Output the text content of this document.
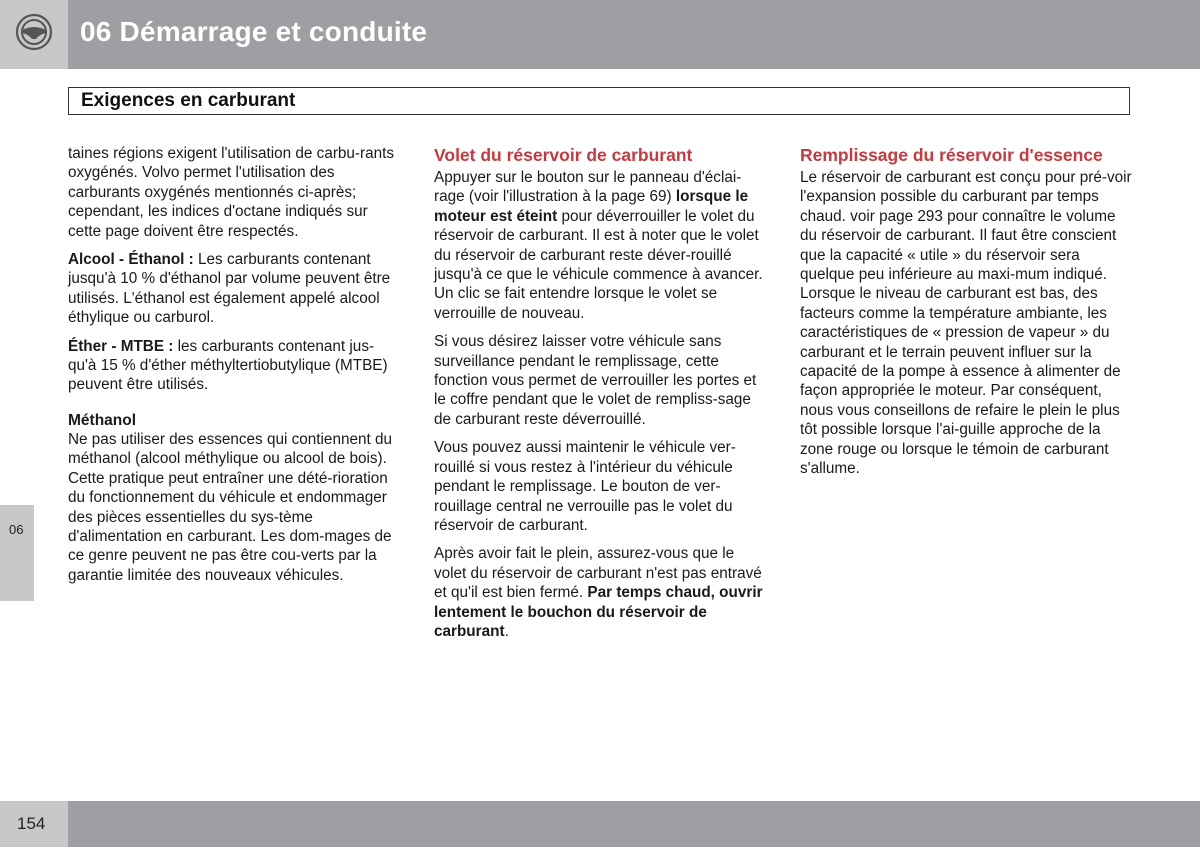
06 Démarrage et conduite
Exigences en carburant

taines régions exigent l'utilisation de carbu-rants oxygénés. Volvo permet l'utilisation des carburants oxygénés mentionnés ci-après; cependant, les indices d'octane indiqués sur cette page doivent être respectés.

Alcool - Éthanol : Les carburants contenant jusqu'à 10 % d'éthanol par volume peuvent être utilisés. L'éthanol est également appelé alcool éthylique ou carburol.

Éther - MTBE : les carburants contenant jus-qu'à 15 % d'éther méthyltertiobutylique (MTBE) peuvent être utilisés.

Méthanol

Ne pas utiliser des essences qui contiennent du méthanol (alcool méthylique ou alcool de bois). Cette pratique peut entraîner une dété-rioration du fonctionnement du véhicule et endommager des pièces essentielles du sys-tème d'alimentation en carburant. Les dom-mages de ce genre peuvent ne pas être cou-verts par la garantie limitée des nouveaux véhicules.

Volet du réservoir de carburant

Appuyer sur le bouton sur le panneau d'éclai-rage (voir l'illustration à la page 69) lorsque le moteur est éteint pour déverrouiller le volet du réservoir de carburant. Il est à noter que le volet du réservoir de carburant reste déver-rouillé jusqu'à ce que le véhicule commence à avancer. Un clic se fait entendre lorsque le volet se verrouille de nouveau.

Si vous désirez laisser votre véhicule sans surveillance pendant le remplissage, cette fonction vous permet de verrouiller les portes et le coffre pendant que le volet de rempliss-sage de carburant reste déverrouillé.

Vous pouvez aussi maintenir le véhicule ver-rouillé si vous restez à l'intérieur du véhicule pendant le remplissage. Le bouton de ver-rouillage central ne verrouille pas le volet du réservoir de carburant.

Après avoir fait le plein, assurez-vous que le volet du réservoir de carburant n'est pas entravé et qu'il est bien fermé. Par temps chaud, ouvrir lentement le bouchon du réservoir de carburant.

Remplissage du réservoir d'essence

Le réservoir de carburant est conçu pour pré-voir l'expansion possible du carburant par temps chaud. voir page 293 pour connaître le volume du réservoir de carburant. Il faut être conscient que la capacité « utile » du réservoir sera quelque peu inférieure au maxi-mum indiqué. Lorsque le niveau de carburant est bas, des facteurs comme la température ambiante, les caractéristiques de « pression de vapeur » du carburant et le terrain peuvent influer sur la capacité de la pompe à essence à alimenter de façon appropriée le moteur. Par conséquent, nous vous conseillons de refaire le plein le plus tôt possible lorsque l'ai-guille approche de la zone rouge ou lorsque le témoin de carburant s'allume.

06
154
